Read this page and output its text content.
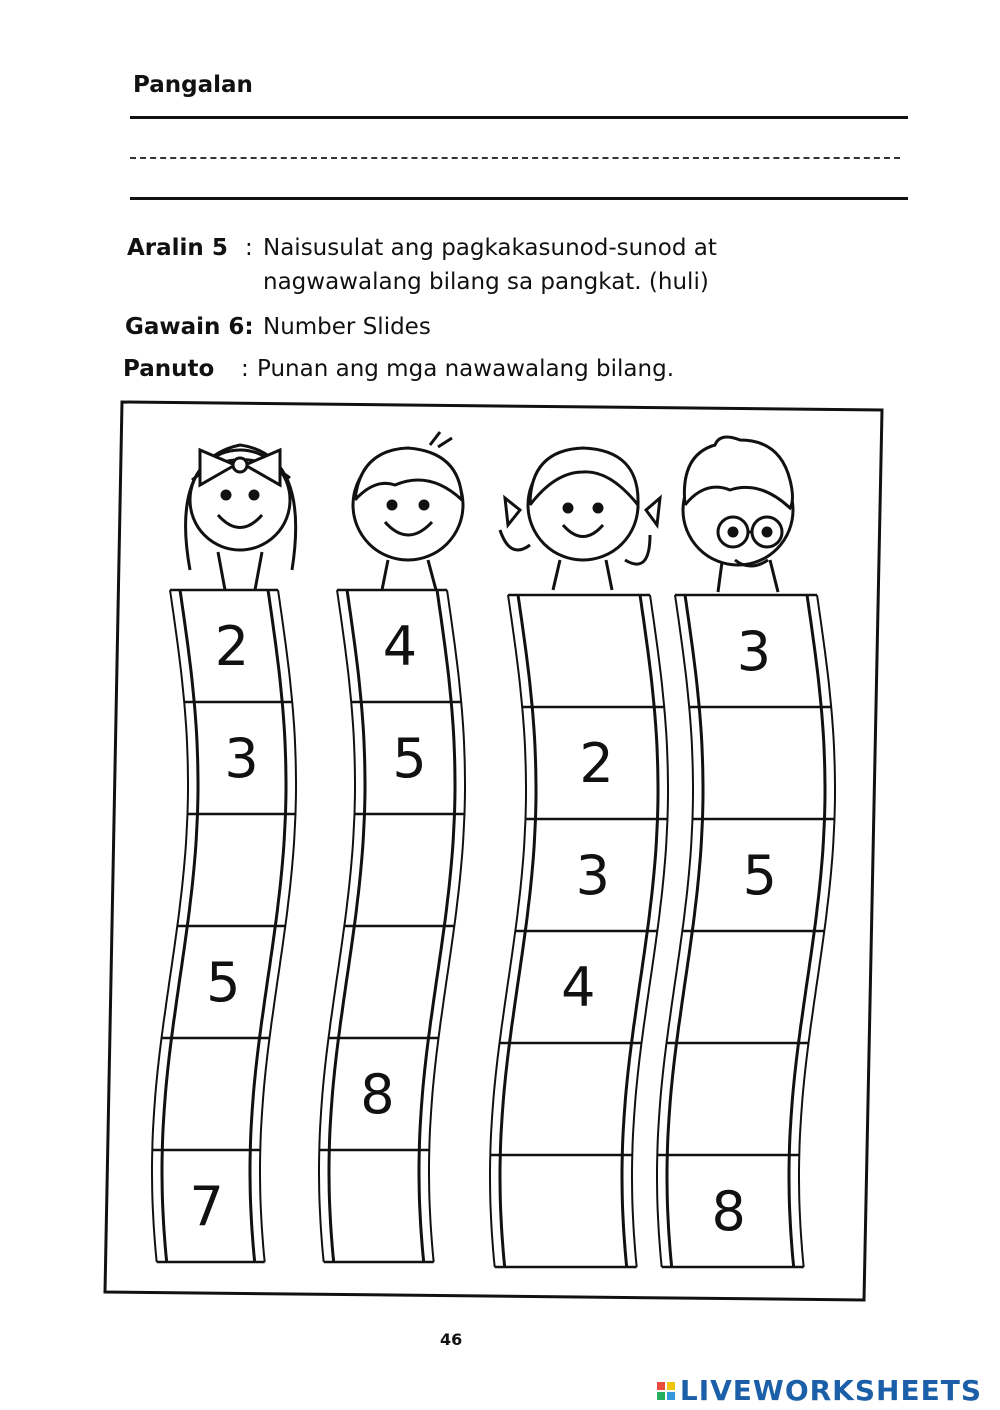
Pangalan
Aralin 5 : Naisusulat ang pagkakasunod-sunod at
nagwawalang bilang sa pangkat. (huli)
Gawain 6: Number Slides
Panuto : Punan ang mga nawawalang bilang.
2
3
5
7
4
5
8
2
3
4
3
5
8
46
LIVEWORKSHEETS
